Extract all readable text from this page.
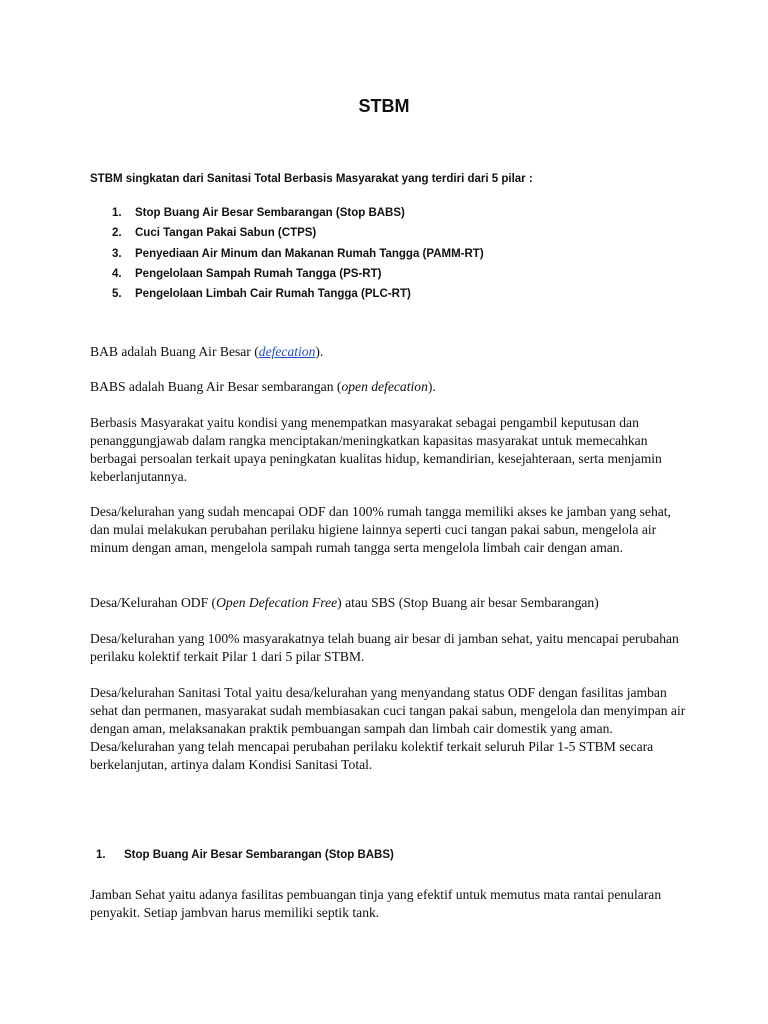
STBM
STBM singkatan dari Sanitasi Total Berbasis Masyarakat yang terdiri dari 5 pilar :
1. Stop Buang Air Besar Sembarangan (Stop BABS)
2. Cuci Tangan Pakai Sabun (CTPS)
3. Penyediaan Air Minum dan Makanan Rumah Tangga (PAMM-RT)
4. Pengelolaan Sampah Rumah Tangga (PS-RT)
5. Pengelolaan Limbah Cair Rumah Tangga (PLC-RT)

BAB adalah Buang Air Besar (defecation).

BABS adalah Buang Air Besar sembarangan (open defecation).

Berbasis Masyarakat yaitu kondisi yang menempatkan masyarakat sebagai pengambil keputusan dan penanggungjawab dalam rangka menciptakan/meningkatkan kapasitas masyarakat untuk memecahkan berbagai persoalan terkait upaya peningkatan kualitas hidup, kemandirian, kesejahteraan, serta menjamin keberlanjutannya.

Desa/kelurahan yang sudah mencapai ODF dan 100% rumah tangga memiliki akses ke jamban yang sehat, dan mulai melakukan perubahan perilaku higiene lainnya seperti cuci tangan pakai sabun, mengelola air minum dengan aman, mengelola sampah rumah tangga serta mengelola limbah cair dengan aman.

Desa/Kelurahan ODF (Open Defecation Free) atau SBS (Stop Buang air besar Sembarangan)

Desa/kelurahan yang 100% masyarakatnya telah buang air besar di jamban sehat, yaitu mencapai perubahan perilaku kolektif terkait Pilar 1 dari 5 pilar STBM.

Desa/kelurahan Sanitasi Total yaitu desa/kelurahan yang menyandang status ODF dengan fasilitas jamban sehat dan permanen, masyarakat sudah membiasakan cuci tangan pakai sabun, mengelola dan menyimpan air dengan aman, melaksanakan praktik pembuangan sampah dan limbah cair domestik yang aman. Desa/kelurahan yang telah mencapai perubahan perilaku kolektif terkait seluruh Pilar 1-5 STBM secara berkelanjutan, artinya dalam Kondisi Sanitasi Total.

1. Stop Buang Air Besar Sembarangan (Stop BABS)

Jamban Sehat yaitu adanya fasilitas pembuangan tinja yang efektif untuk memutus mata rantai penularan penyakit. Setiap jambvan harus memiliki septik tank.
